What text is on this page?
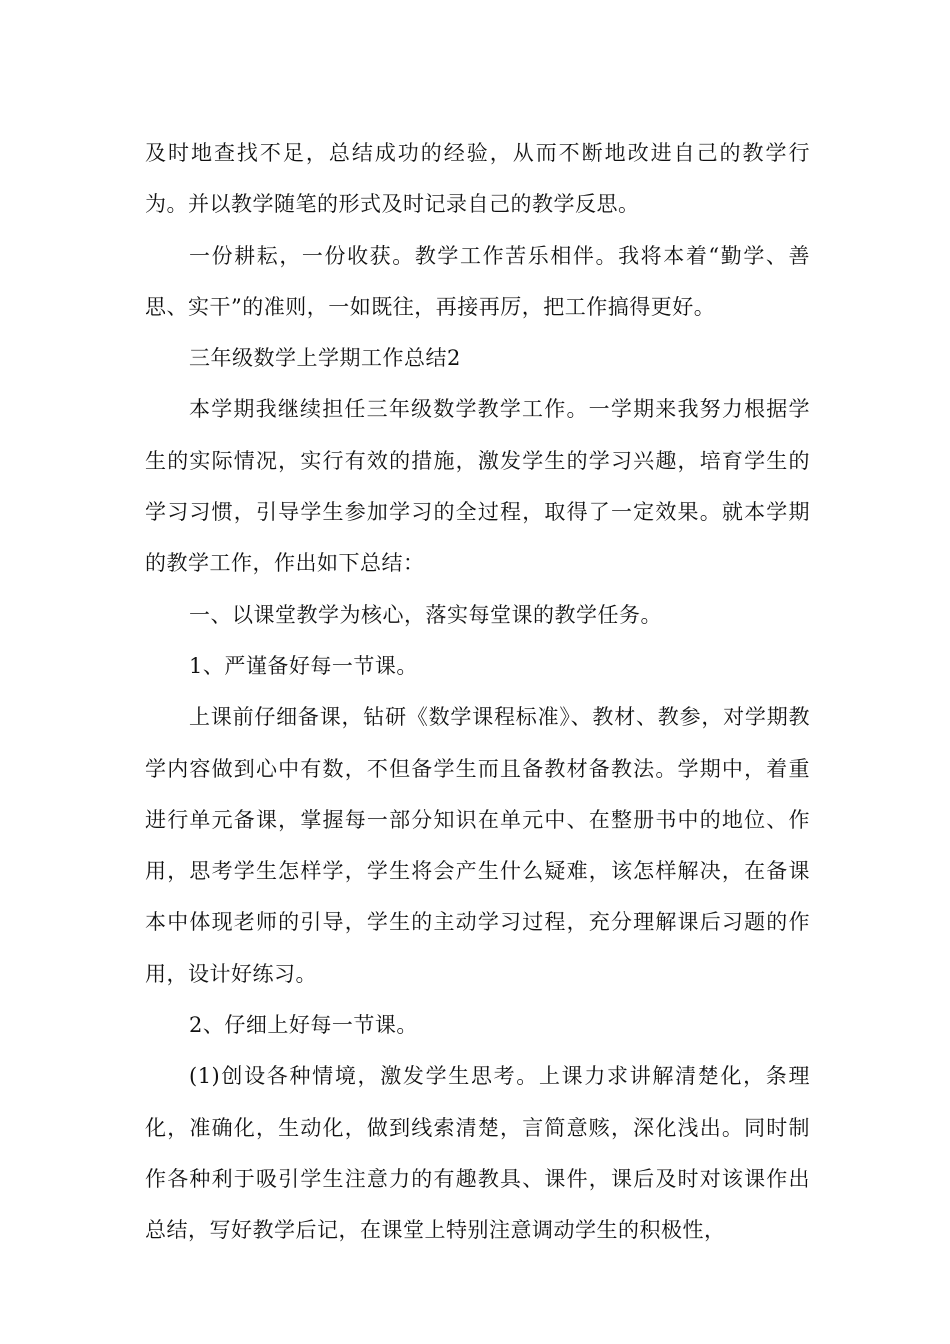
及时地查找不足，总结成功的经验，从而不断地改进自己的教学行为。并以教学随笔的形式及时记录自己的教学反思。

一份耕耘，一份收获。教学工作苦乐相伴。我将本着“勤学、善思、实干”的准则，一如既往，再接再厉，把工作搞得更好。

三年级数学上学期工作总结2

本学期我继续担任三年级数学教学工作。一学期来我努力根据学生的实际情况，实行有效的措施，激发学生的学习兴趣，培育学生的学习习惯，引导学生参加学习的全过程，取得了一定效果。就本学期的教学工作，作出如下总结：

一、以课堂教学为核心，落实每堂课的教学任务。

1、严谨备好每一节课。

上课前仔细备课，钻研《数学课程标准》、教材、教参，对学期教学内容做到心中有数，不但备学生而且备教材备教法。学期中，着重进行单元备课，掌握每一部分知识在单元中、在整册书中的地位、作用，思考学生怎样学，学生将会产生什么疑难，该怎样解决，在备课本中体现老师的引导，学生的主动学习过程，充分理解课后习题的作用，设计好练习。

2、仔细上好每一节课。

(1)创设各种情境，激发学生思考。上课力求讲解清楚化，条理化，准确化，生动化，做到线索清楚，言简意赅，深化浅出。同时制作各种利于吸引学生注意力的有趣教具、课件，课后及时对该课作出总结，写好教学后记，在课堂上特别注意调动学生的积极性，
